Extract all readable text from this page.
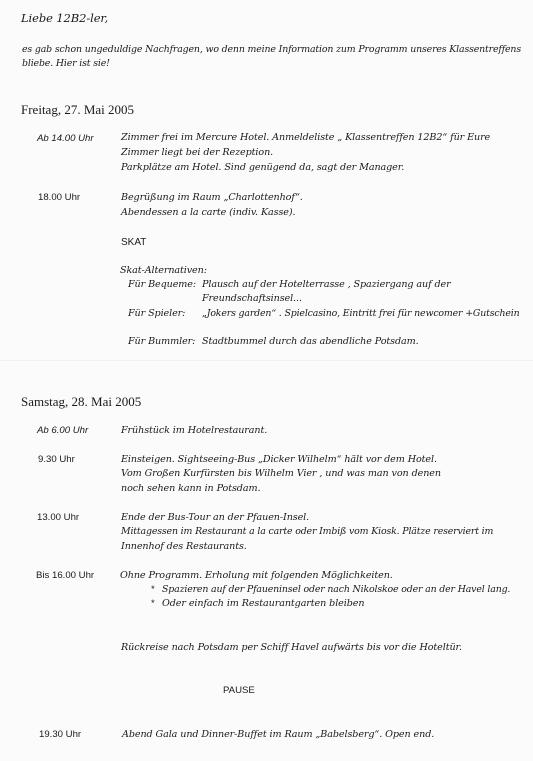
Liebe 12B2-ler,
es gab schon ungeduldige Nachfragen, wo denn meine Information zum Programm unseres Klassentreffens
bliebe. Hier ist sie!
Freitag, 27. Mai 2005
Ab 14.00 Uhr	Zimmer frei im Mercure Hotel. Anmeldeliste „ Klassentreffen 12B2“ für Eure
Zimmer liegt bei der Rezeption.
Parkplätze am Hotel. Sind genügend da, sagt der Manager.
18.00 Uhr	Begrüßung im Raum „Charlottenhof“.
Abendessen a la carte (indiv. Kasse).
SKAT
Skat-Alternativen:
Für Bequeme: Plausch auf der Hotelterrasse , Spaziergang auf der
Freundschaftsinsel...
Für Spieler: „Jokers garden“ . Spielcasino, Eintritt frei für newcomer +Gutschein
Für Bummler: Stadtbummel durch das abendliche Potsdam.
Samstag, 28. Mai 2005
Ab 6.00 Uhr	Frühstück im Hotelrestaurant.
9.30 Uhr	Einsteigen. Sightseeing-Bus „Dicker Wilhelm“ hält vor dem Hotel.
Vom Großen Kurfürsten bis Wilhelm Vier , und was man von denen
noch sehen kann in Potsdam.
13.00 Uhr	Ende der Bus-Tour an der Pfauen-Insel.
Mittagessen im Restaurant a la carte oder Imbiß vom Kiosk. Plätze reserviert im
Innenhof des Restaurants.
Bis 16.00 Uhr	Ohne Programm. Erholung mit folgenden Möglichkeiten.
* Spazieren auf der Pfaueninsel oder nach Nikolskoe oder an der Havel lang.
* Oder einfach im Restaurantgarten bleiben
Rückreise nach Potsdam per Schiff Havel aufwärts bis vor die Hoteltür.
PAUSE
19.30 Uhr	Abend Gala und Dinner-Buffet im Raum „Babelsberg“. Open end.
